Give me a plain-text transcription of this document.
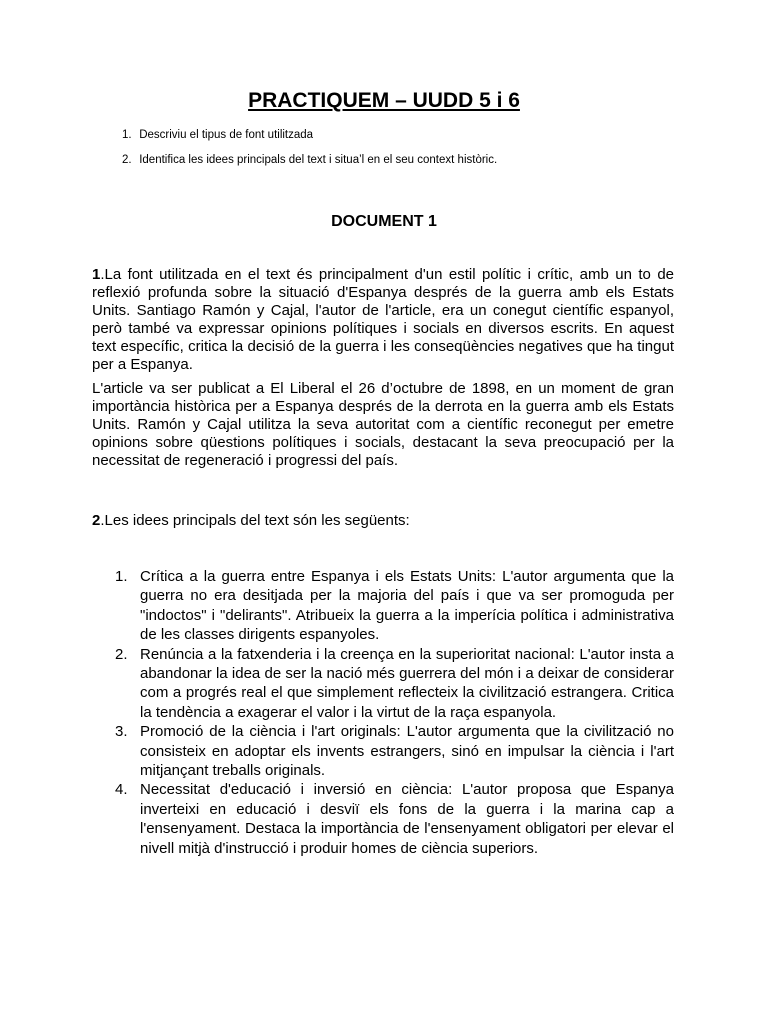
PRACTIQUEM – UUDD 5 i 6
1. Descriviu el tipus de font utilitzada
2. Identifica les idees principals del text i situa’l en el seu context històric.
DOCUMENT 1

1.La font utilitzada en el text és principalment d'un estil polític i crític, amb un to de reflexió profunda sobre la situació d'Espanya després de la guerra amb els Estats Units. Santiago Ramón y Cajal, l'autor de l'article, era un conegut científic espanyol, però també va expressar opinions polítiques i socials en diversos escrits. En aquest text específic, critica la decisió de la guerra i les conseqüències negatives que ha tingut per a Espanya.

L'article va ser publicat a El Liberal el 26 d’octubre de 1898, en un moment de gran importància històrica per a Espanya després de la derrota en la guerra amb els Estats Units. Ramón y Cajal utilitza la seva autoritat com a científic reconegut per emetre opinions sobre qüestions polítiques i socials, destacant la seva preocupació per la necessitat de regeneració i progressi del país.

2.Les idees principals del text són les següents:

1. Crítica a la guerra entre Espanya i els Estats Units: L'autor argumenta que la guerra no era desitjada per la majoria del país i que va ser promoguda per "indoctos" i "delirants". Atribueix la guerra a la imperícia política i administrativa de les classes dirigents espanyoles.
2. Renúncia a la fatxenderia i la creença en la superioritat nacional: L'autor insta a abandonar la idea de ser la nació més guerrera del món i a deixar de considerar com a progrés real el que simplement reflecteix la civilització estrangera. Critica la tendència a exagerar el valor i la virtut de la raça espanyola.
3. Promoció de la ciència i l'art originals: L'autor argumenta que la civilització no consisteix en adoptar els invents estrangers, sinó en impulsar la ciència i l'art mitjançant treballs originals.
4. Necessitat d'educació i inversió en ciència: L'autor proposa que Espanya inverteixi en educació i desviï els fons de la guerra i la marina cap a l'ensenyament. Destaca la importància de l'ensenyament obligatori per elevar el nivell mitjà d'instrucció i produir homes de ciència superiors.
